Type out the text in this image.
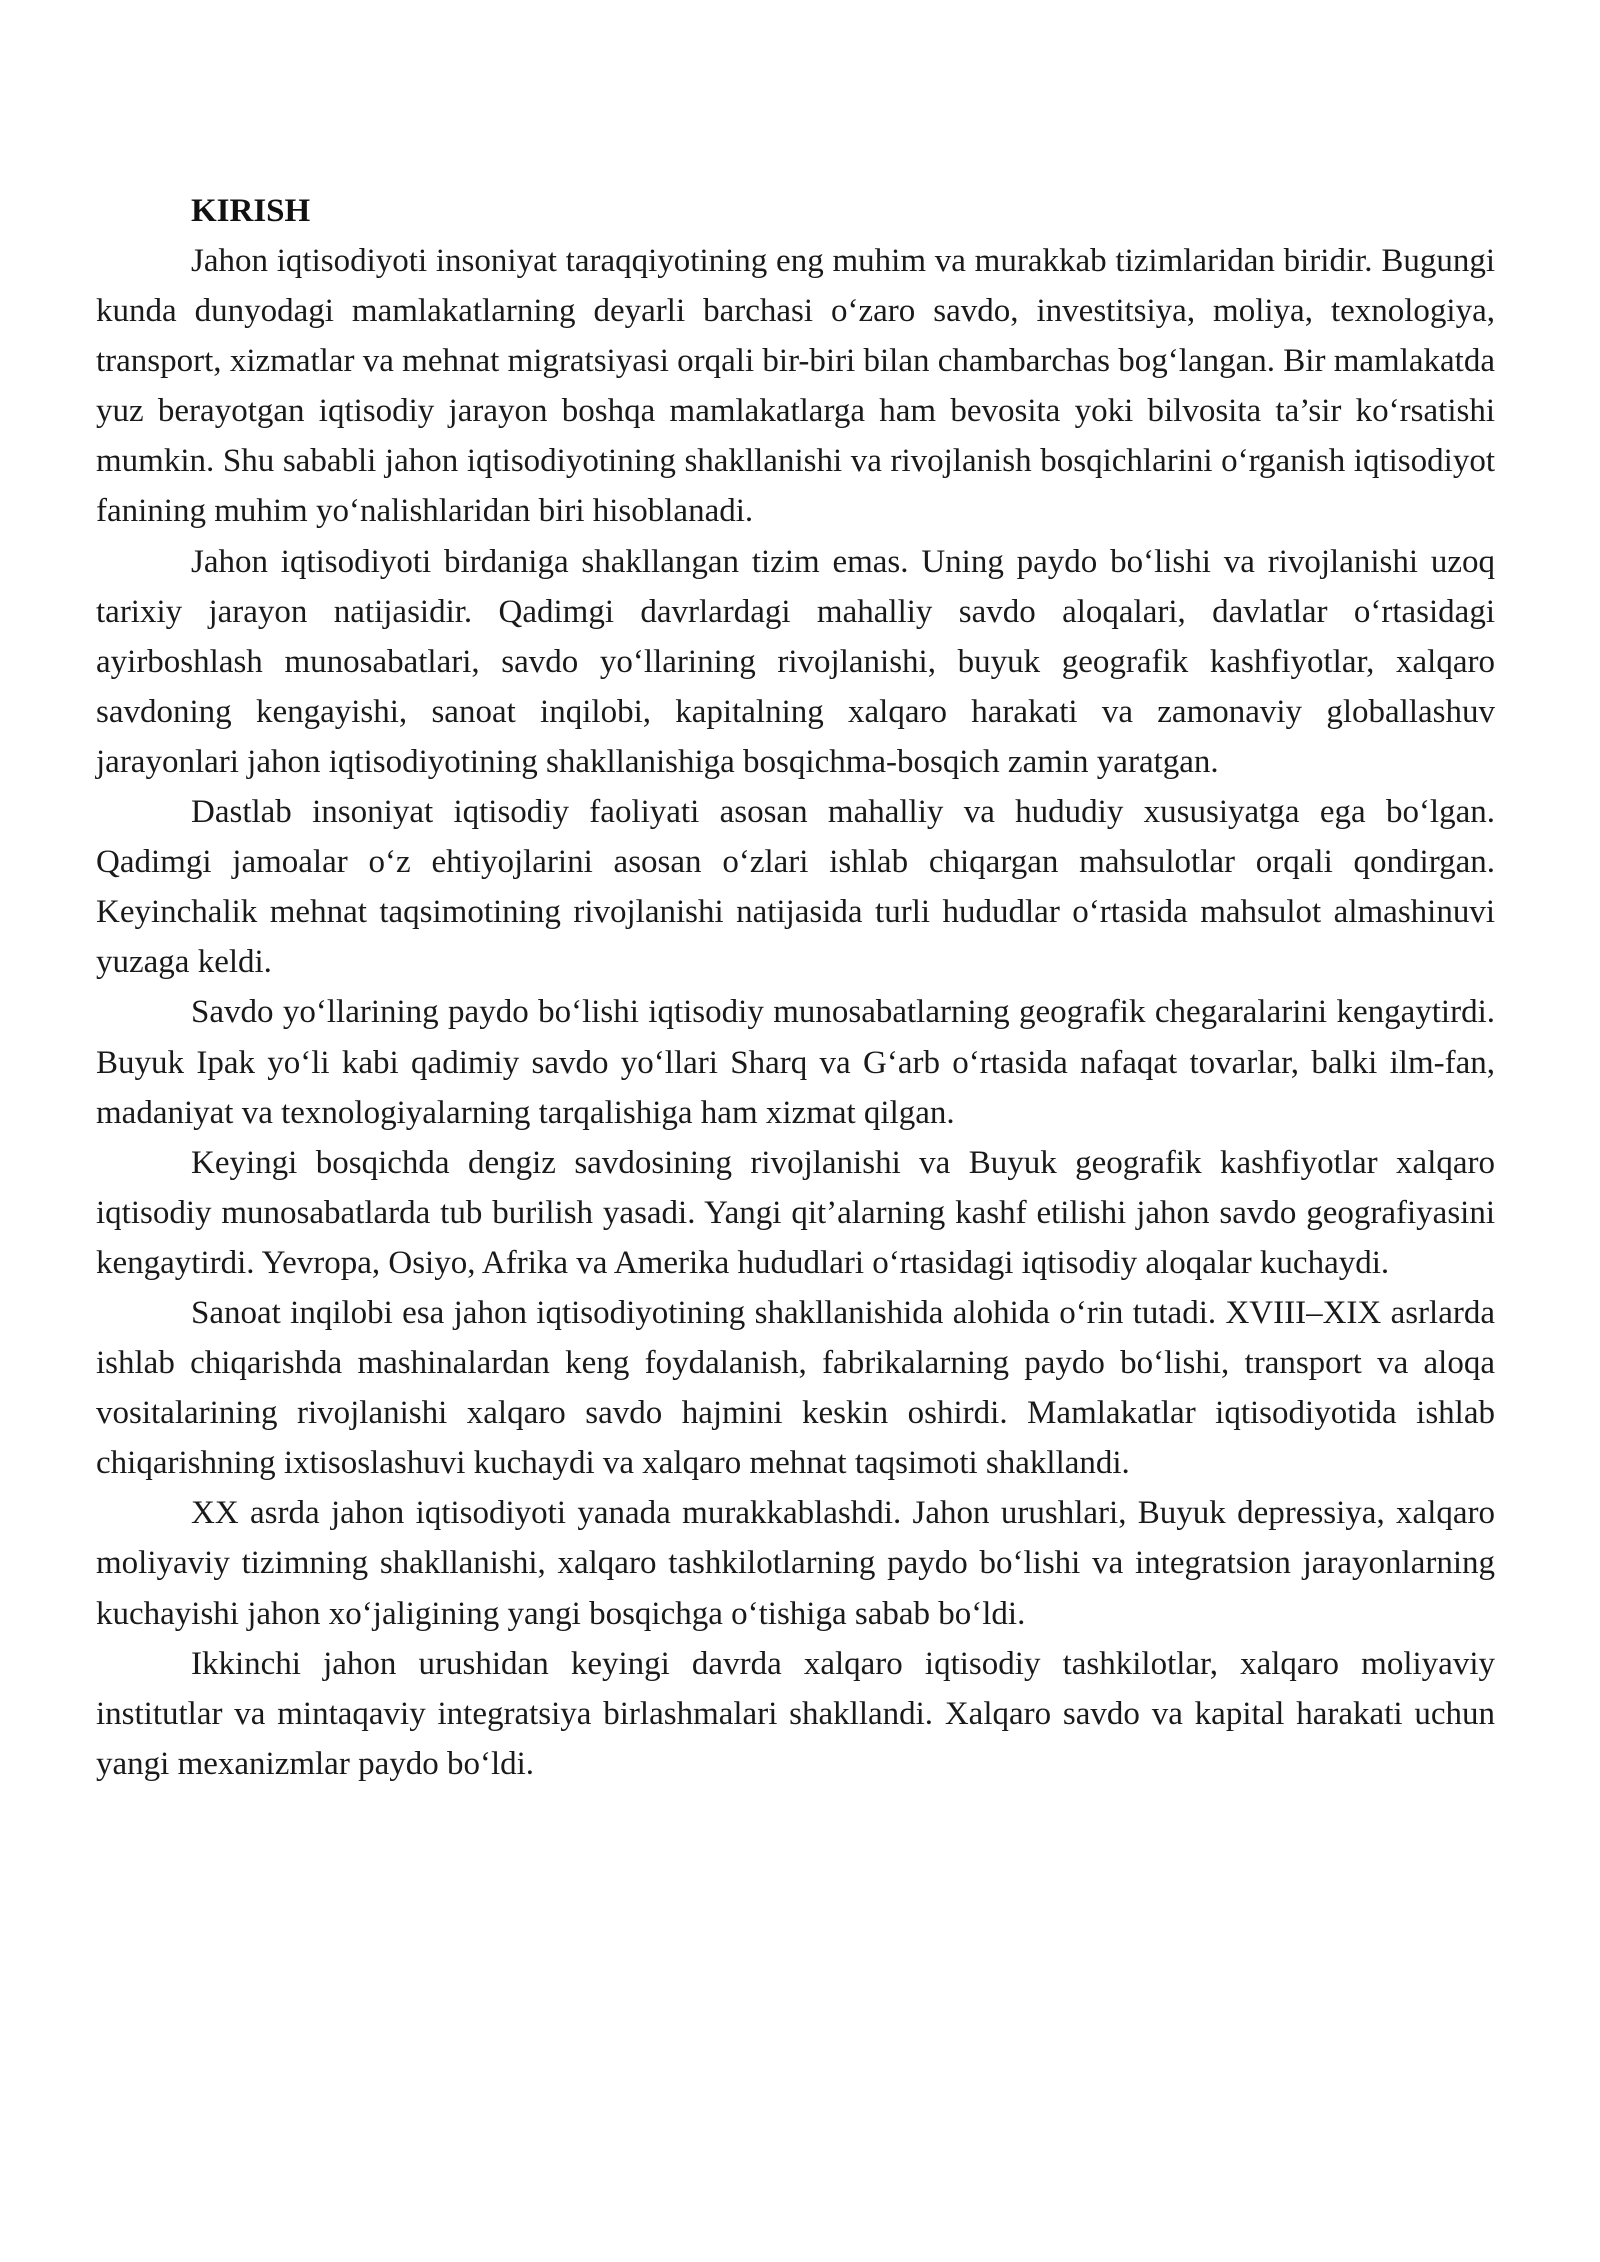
KIRISH

Jahon iqtisodiyoti insoniyat taraqqiyotining eng muhim va murakkab tizimlaridan biridir. Bugungi kunda dunyodagi mamlakatlarning deyarli barchasi o‘zaro savdo, investitsiya, moliya, texnologiya, transport, xizmatlar va mehnat migratsiyasi orqali bir-biri bilan chambarchas bog‘langan. Bir mamlakatda yuz berayotgan iqtisodiy jarayon boshqa mamlakatlarga ham bevosita yoki bilvosita ta’sir ko‘rsatishi mumkin. Shu sababli jahon iqtisodiyotining shakllanishi va rivojlanish bosqichlarini o‘rganish iqtisodiyot fanining muhim yo‘nalishlaridan biri hisoblanadi.

Jahon iqtisodiyoti birdaniga shakllangan tizim emas. Uning paydo bo‘lishi va rivojlanishi uzoq tarixiy jarayon natijasidir. Qadimgi davrlardagi mahalliy savdo aloqalari, davlatlar o‘rtasidagi ayirboshlash munosabatlari, savdo yo‘llarining rivojlanishi, buyuk geografik kashfiyotlar, xalqaro savdoning kengayishi, sanoat inqilobi, kapitalning xalqaro harakati va zamonaviy globallashuv jarayonlari jahon iqtisodiyotining shakllanishiga bosqichma-bosqich zamin yaratgan.

Dastlab insoniyat iqtisodiy faoliyati asosan mahalliy va hududiy xususiyatga ega bo‘lgan. Qadimgi jamoalar o‘z ehtiyojlarini asosan o‘zlari ishlab chiqargan mahsulotlar orqali qondirgan. Keyinchalik mehnat taqsimotining rivojlanishi natijasida turli hududlar o‘rtasida mahsulot almashinuvi yuzaga keldi.

Savdo yo‘llarining paydo bo‘lishi iqtisodiy munosabatlarning geografik chegaralarini kengaytirdi. Buyuk Ipak yo‘li kabi qadimiy savdo yo‘llari Sharq va G‘arb o‘rtasida nafaqat tovarlar, balki ilm-fan, madaniyat va texnologiyalarning tarqalishiga ham xizmat qilgan.

Keyingi bosqichda dengiz savdosining rivojlanishi va Buyuk geografik kashfiyotlar xalqaro iqtisodiy munosabatlarda tub burilish yasadi. Yangi qit’alarning kashf etilishi jahon savdo geografiyasini kengaytirdi. Yevropa, Osiyo, Afrika va Amerika hududlari o‘rtasidagi iqtisodiy aloqalar kuchaydi.

Sanoat inqilobi esa jahon iqtisodiyotining shakllanishida alohida o‘rin tutadi. XVIII–XIX asrlarda ishlab chiqarishda mashinalardan keng foydalanish, fabrikalarning paydo bo‘lishi, transport va aloqa vositalarining rivojlanishi xalqaro savdo hajmini keskin oshirdi. Mamlakatlar iqtisodiyotida ishlab chiqarishning ixtisoslashuvi kuchaydi va xalqaro mehnat taqsimoti shakllandi.

XX asrda jahon iqtisodiyoti yanada murakkablashdi. Jahon urushlari, Buyuk depressiya, xalqaro moliyaviy tizimning shakllanishi, xalqaro tashkilotlarning paydo bo‘lishi va integratsion jarayonlarning kuchayishi jahon xo‘jaligining yangi bosqichga o‘tishiga sabab bo‘ldi.

Ikkinchi jahon urushidan keyingi davrda xalqaro iqtisodiy tashkilotlar, xalqaro moliyaviy institutlar va mintaqaviy integratsiya birlashmalari shakllandi. Xalqaro savdo va kapital harakati uchun yangi mexanizmlar paydo bo‘ldi.
